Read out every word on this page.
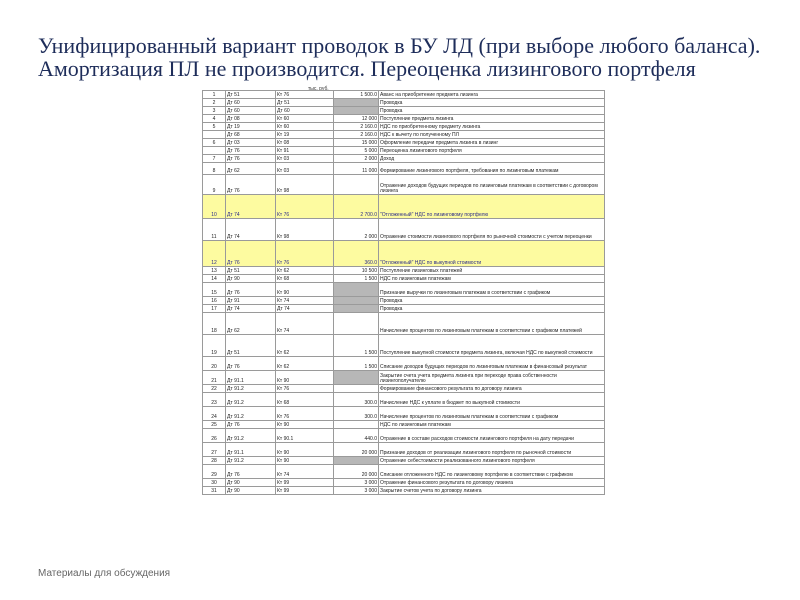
Унифицированный вариант проводок в БУ ЛД (при выборе любого баланса). Амортизация ПЛ не производится. Переоценка лизингового портфеля
тыс. руб.
1	Дт 51	Кт 76	1 500.0	Аванс на приобретение предмета лизинга
2	Дт 60	Дт 51		Проводка
3	Дт 60	Дт 60		Проводка
4	Дт 08	Кт 60	12 000	Поступление предмета лизинга
5	Дт 19	Кт 60	2 160.0	НДС по приобретенному предмету лизинга
	Дт 68	Кт 19	2 160.0	НДС к вычету по полученному ПЛ
6	Дт 03	Кт 08	15 000	Оформление передачи предмета лизинга в лизинг
	Дт 76	Кт 91	5 000	Переоценка лизингового портфеля
7	Дт 76	Кт 03	2 000	Доход
8	Дт 62	Кт 03	11 000	Формирование лизингового портфеля, требования по лизинговым платежам
9	Дт 76	Кт 98		Отражение доходов будущих периодов по лизинговым платежам в соответствии с договором лизинга
10	Дт 74	Кт 76	2 700.0	"Отложенный" НДС по лизинговому портфелю
11	Дт 74	Кт 98	2 000	Отражение стоимости лизингового портфеля по рыночной стоимости с учетом переоценки
12	Дт 76	Кт 76	360.0	"Отложенный" НДС по выкупной стоимости
13	Дт 51	Кт 62	10 500	Поступление лизинговых платежей
14	Дт 90	Кт 68	1 500	НДС по лизинговым платежам
15	Дт 76	Кт 90		Признание выручки по лизинговым платежам в соответствии с графиком
16	Дт 91	Кт 74		Проводка
17	Дт 74	Дт 74		Проводка
18	Дт 62	Кт 74		Начисление процентов по лизинговым платежам в соответствии с графиком платежей
19	Дт 51	Кт 62	1 500	Поступление выкупной стоимости предмета лизинга, включая НДС по выкупной стоимости
20	Дт 76	Кт 62	1 500	Списание доходов будущих периодов по лизинговым платежам в финансовый результат
21	Дт 91.1	Кт 90		Закрытие счета учета предмета лизинга при переходе права собственности лизингополучателю
22	Дт 91.2	Кт 76		Формирование финансового результата по договору лизинга
23	Дт 91.2	Кт 68	300.0	Начисление НДС к уплате в бюджет по выкупной стоимости
24	Дт 91.2	Кт 76	300.0	Начисление процентов по лизинговым платежам в соответствии с графиком
25	Дт 76	Кт 90		НДС по лизинговым платежам
26	Дт 91.2	Кт 90.1	440.0	Отражение в составе расходов стоимости лизингового портфеля на дату передачи
27	Дт 91.1	Кт 90	20 000	Признание доходов от реализации лизингового портфеля по рыночной стоимости
28	Дт 91.2	Кт 90		Отражение себестоимости реализованного лизингового портфеля
29	Дт 76	Кт 74	20 000	Списание отложенного НДС по лизинговому портфелю в соответствии с графиком
30	Дт 90	Кт 99	3 000	Отражение финансового результата по договору лизинга
31	Дт 90	Кт 99	3 000	Закрытие счетов учета по договору лизинга
Материалы для обсуждения
